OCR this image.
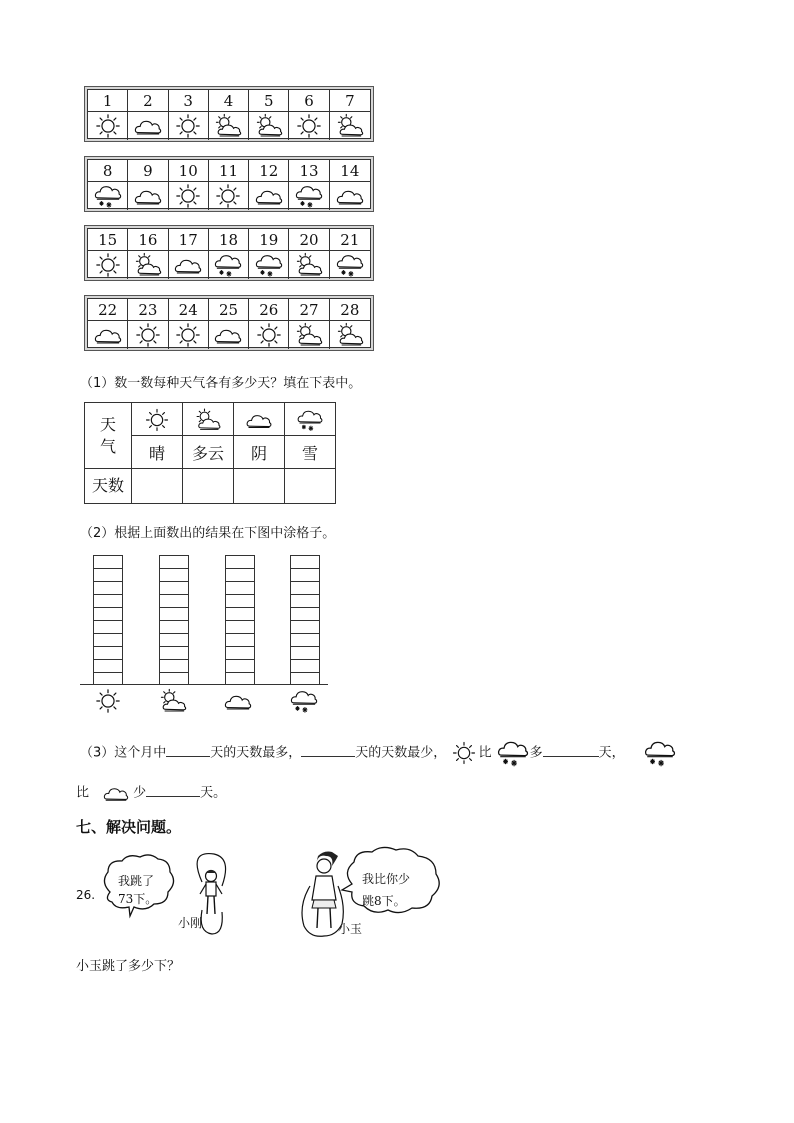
1	2	3	4	5	6	7
8	9	10	11	12	13	14
15	16	17	18	19	20	21
22	23	24	25	26	27	28
（1）数一数每种天气各有多少天？填在下表中。
天
气	

	晴	多云	阴	雪
天数				
（2）根据上面数出的结果在下图中涂格子。
（3）这个月中	天的天数最多，	天的天数最少， 比	多	天，
比	少	天。
七、解决问题。
26.
我跳了
73下。
小刚
我比你少
跳8下。
小玉
小玉跳了多少下？
